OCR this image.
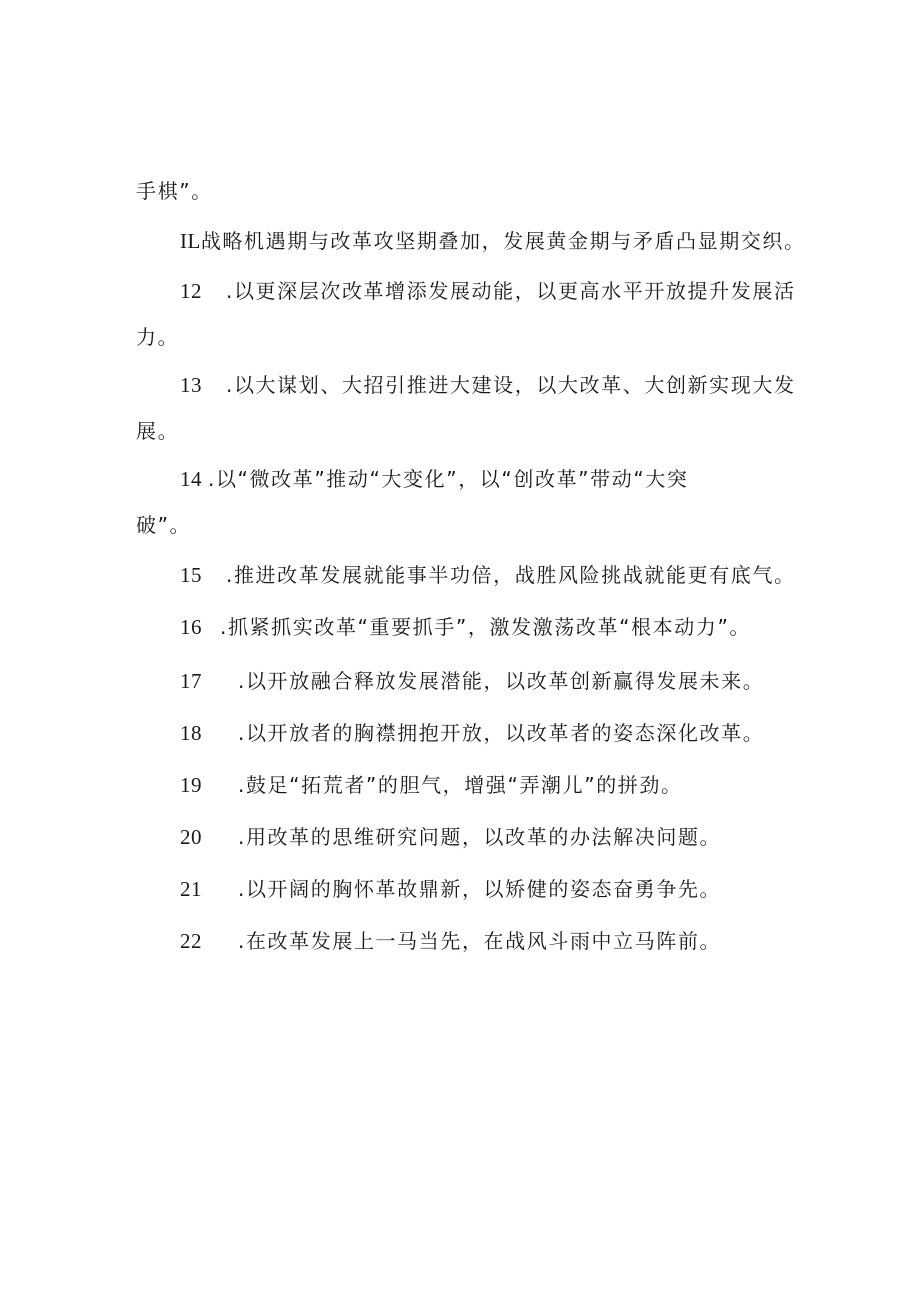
手棋”。
IL战略机遇期与改革攻坚期叠加，发展黄金期与矛盾凸显期交织。
12 .以更深层次改革增添发展动能，以更高水平开放提升发展活
力。
13 .以大谋划、大招引推进大建设，以大改革、大创新实现大发
展。
14 .以“微改革”推动“大变化”，以“创改革”带动“大突
破”。
15 .推进改革发展就能事半功倍，战胜风险挑战就能更有底气。
16 .抓紧抓实改革“重要抓手”，激发激荡改革“根本动力”。
17 .以开放融合释放发展潜能，以改革创新赢得发展未来。
18 .以开放者的胸襟拥抱开放，以改革者的姿态深化改革。
19 .鼓足“拓荒者”的胆气，增强“弄潮儿”的拼劲。
20 .用改革的思维研究问题，以改革的办法解决问题。
21 .以开阔的胸怀革故鼎新，以矫健的姿态奋勇争先。
22 .在改革发展上一马当先，在战风斗雨中立马阵前。
